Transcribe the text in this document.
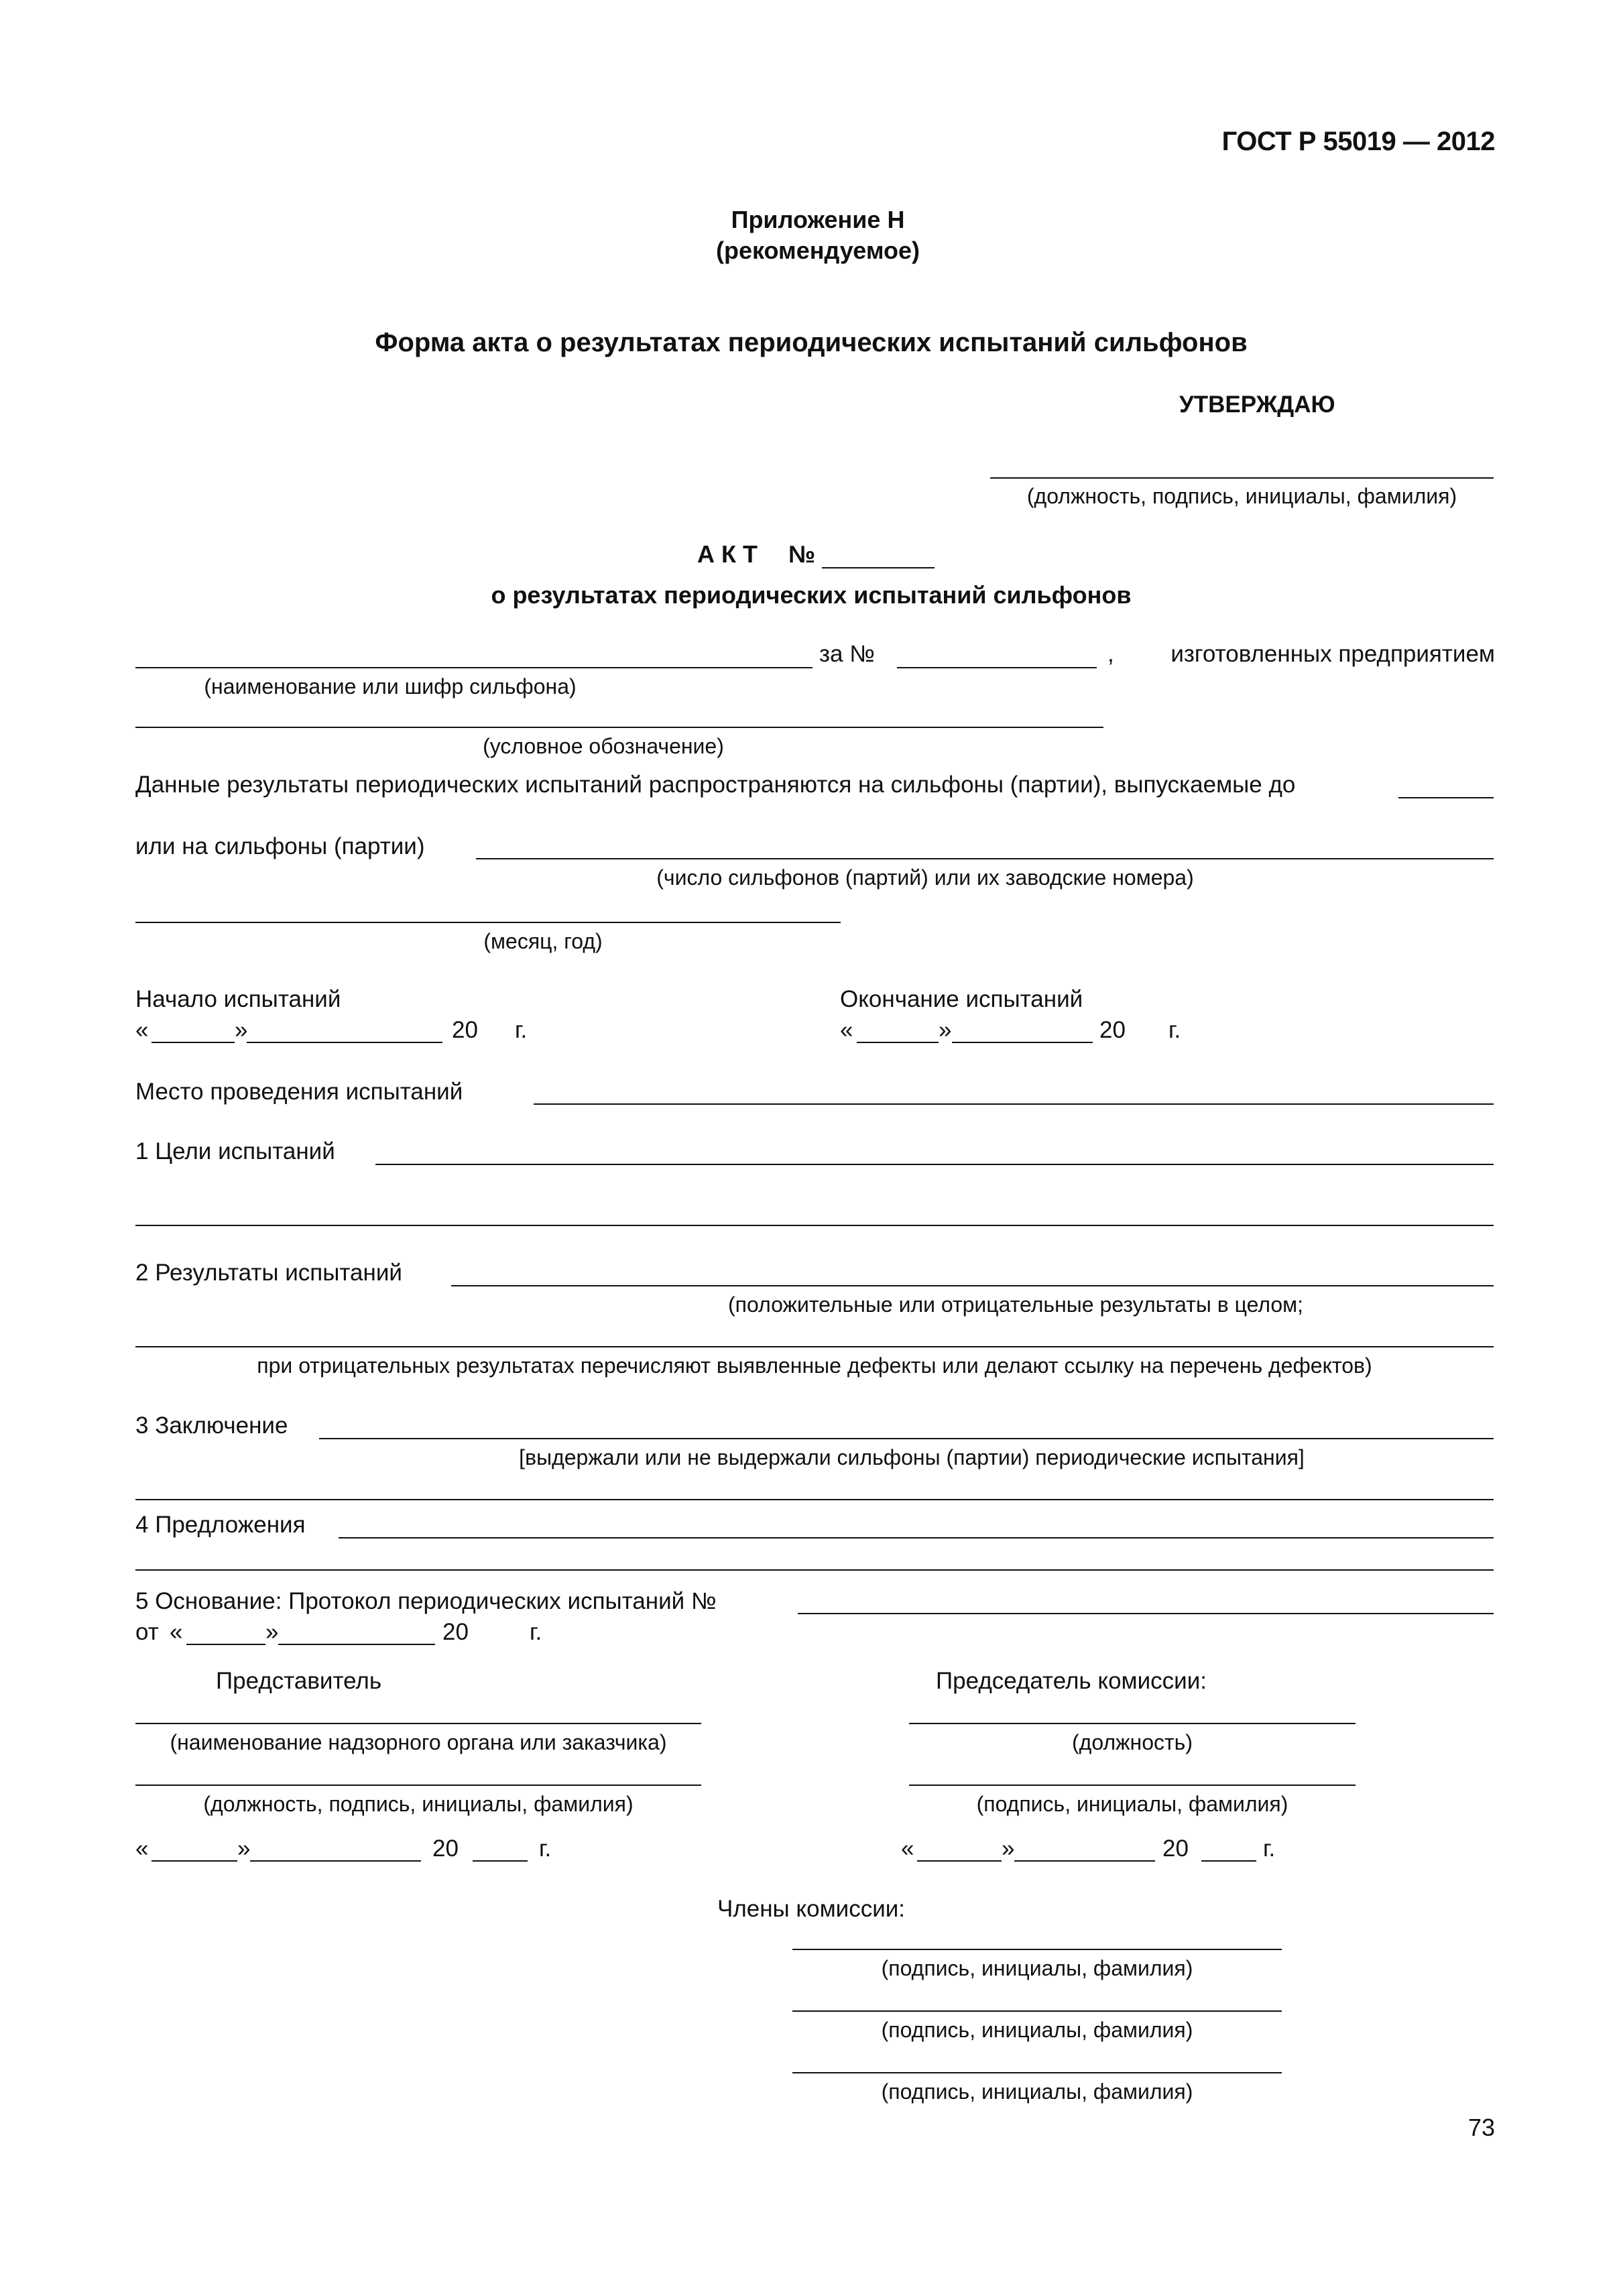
ГОСТ Р 55019 — 2012
Приложение Н
(рекомендуемое)
Форма акта о результатах периодических испытаний сильфонов
УТВЕРЖДАЮ
(должность, подпись, инициалы, фамилия)
А К Т №
о результатах периодических испытаний сильфонов
за №	, изготовленных предприятием
(наименование или шифр сильфона)
(условное обозначение)
Данные результаты периодических испытаний распространяются на сильфоны (партии), выпускаемые до
или на сильфоны (партии)
(число сильфонов (партий) или их заводские номера)
(месяц, год)
Начало испытаний
«	»	20 г.
Окончание испытаний
«	»	20 г.
Место проведения испытаний
1 Цели испытаний
2 Результаты испытаний
(положительные или отрицательные результаты в целом;
при отрицательных результатах перечисляют выявленные дефекты или делают ссылку на перечень дефектов)
3 Заключение
[выдержали или не выдержали сильфоны (партии) периодические испытания]
4 Предложения
5 Основание: Протокол периодических испытаний №
от «	»	20	г.
Представитель	Председатель комиссии:
(наименование надзорного органа или заказчика)	(должность)
(должность, подпись, инициалы, фамилия)	(подпись, инициалы, фамилия)
«	»	20	г.	«	»	20	г.
Члены комиссии:
(подпись, инициалы, фамилия)
(подпись, инициалы, фамилия)
(подпись, инициалы, фамилия)
73
